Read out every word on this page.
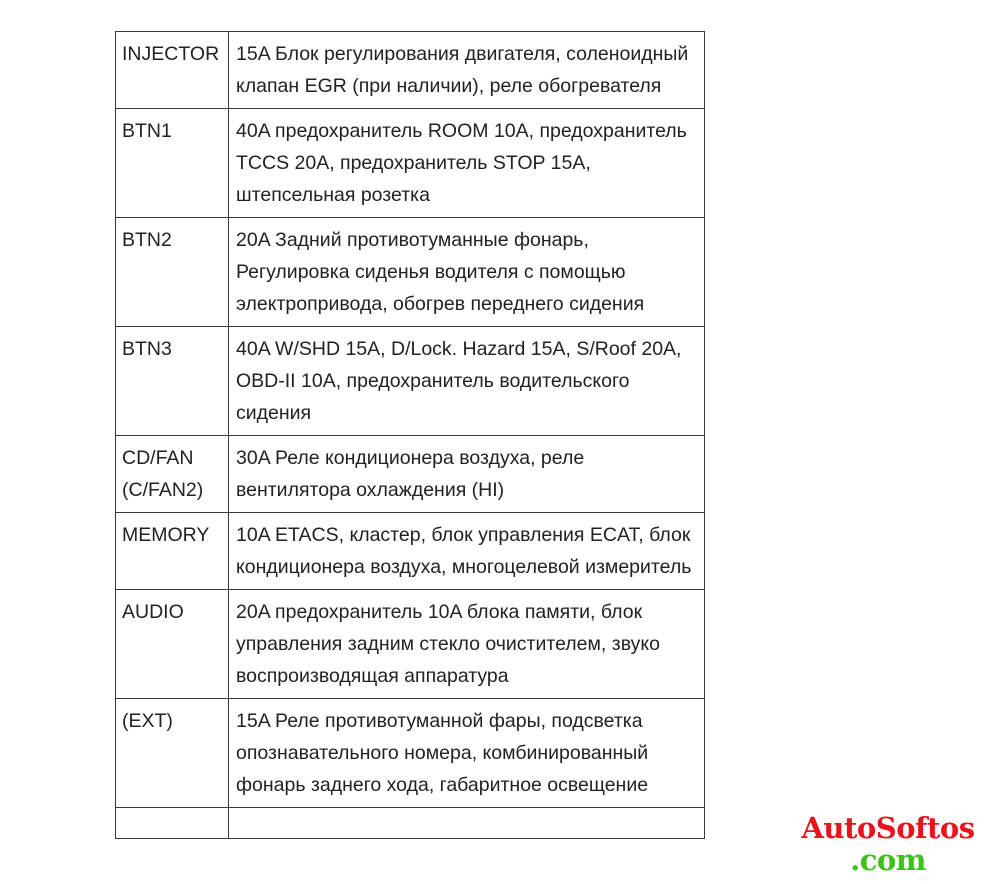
INJECTOR	15A Блок регулирования двигателя, соленоидный клапан EGR (при наличии), реле обогревателя
BTN1	40A предохранитель ROOM 10A, предохранитель TCCS 20A, предохранитель STOP 15A, штепсельная розетка
BTN2	20A Задний противотуманные фонарь, Регулировка сиденья водителя с помощью электропривода, обогрев переднего сидения
BTN3	40A W/SHD 15A, D/Lock. Hazard 15A, S/Roof 20A, OBD-II 10A, предохранитель водительского сидения
CD/FAN (C/FAN2)	30A Реле кондиционера воздуха, реле вентилятора охлаждения (HI)
MEMORY	10A ETACS, кластер, блок управления ECAT, блок кондиционера воздуха, многоцелевой измеритель
AUDIO	20A предохранитель 10A блока памяти, блок управления задним стекло очистителем, звуко воспроизводящая аппаратура
(EXT)	15A Реле противотуманной фары, подсветка опознавательного номера, комбинированный фонарь заднего хода, габаритное освещение

AutoSoftos
.com
